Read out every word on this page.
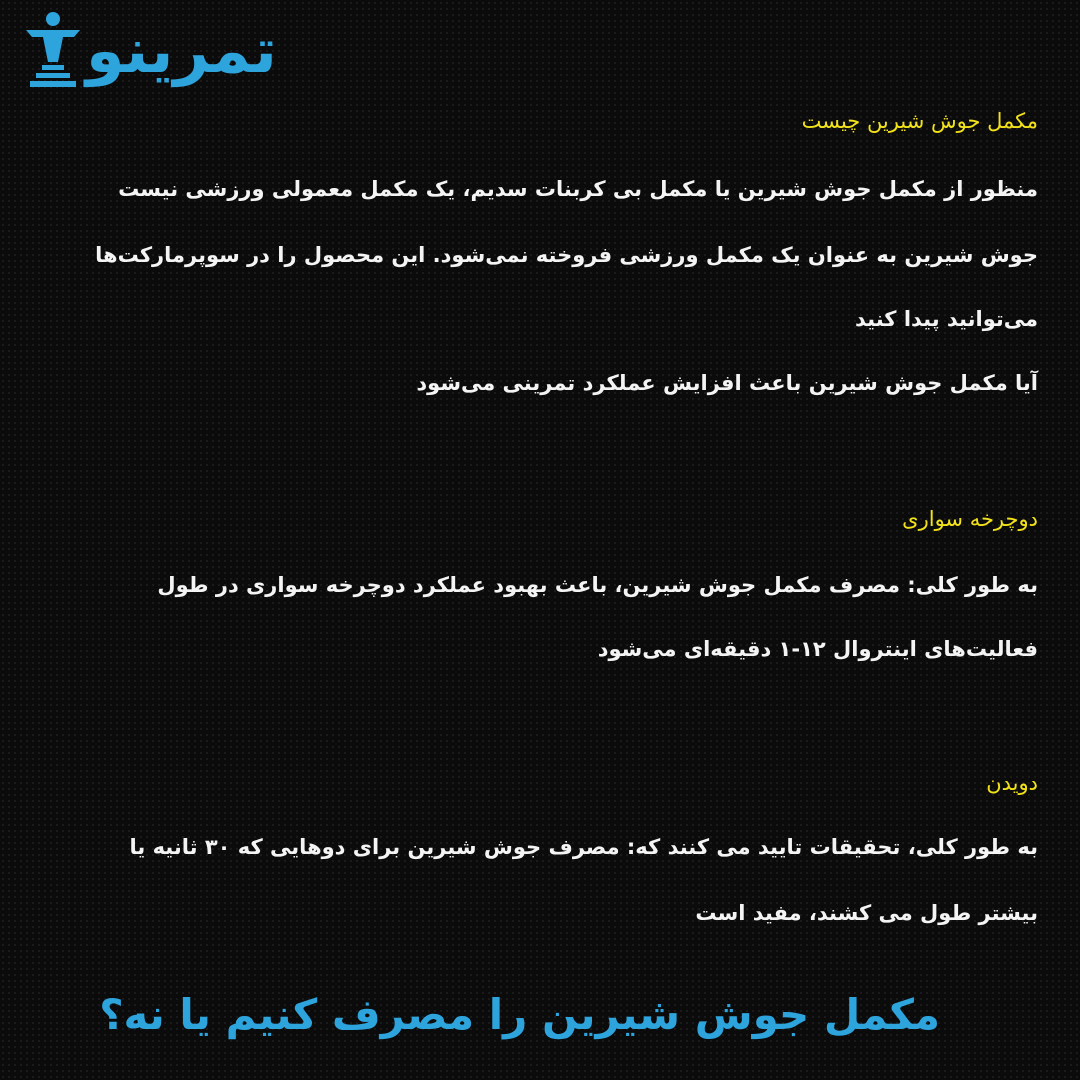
تمرینو

مکمل جوش شیرین چیست

منظور از مکمل جوش شیرین یا مکمل بی کربنات سدیم، یک مکمل معمولی ورزشی نیست

جوش شیرین به عنوان یک مکمل ورزشی فروخته نمی‌شود. این محصول را در سوپرمارکت‌ها

می‌توانید پیدا کنید

آیا مکمل جوش شیرین باعث افزایش عملکرد تمرینی می‌شود

دوچرخه سواری

به طور کلی: مصرف مکمل جوش شیرین، باعث بهبود عملکرد دوچرخه سواری در طول

فعالیت‌های اینتروال ۱۲-۱ دقیقه‌ای می‌شود

دویدن

به طور کلی، تحقیقات تایید می کنند که: مصرف جوش شیرین برای دوهایی که ۳۰ ثانیه یا

بیشتر طول می کشند، مفید است

مکمل جوش شیرین را مصرف کنیم یا نه؟
